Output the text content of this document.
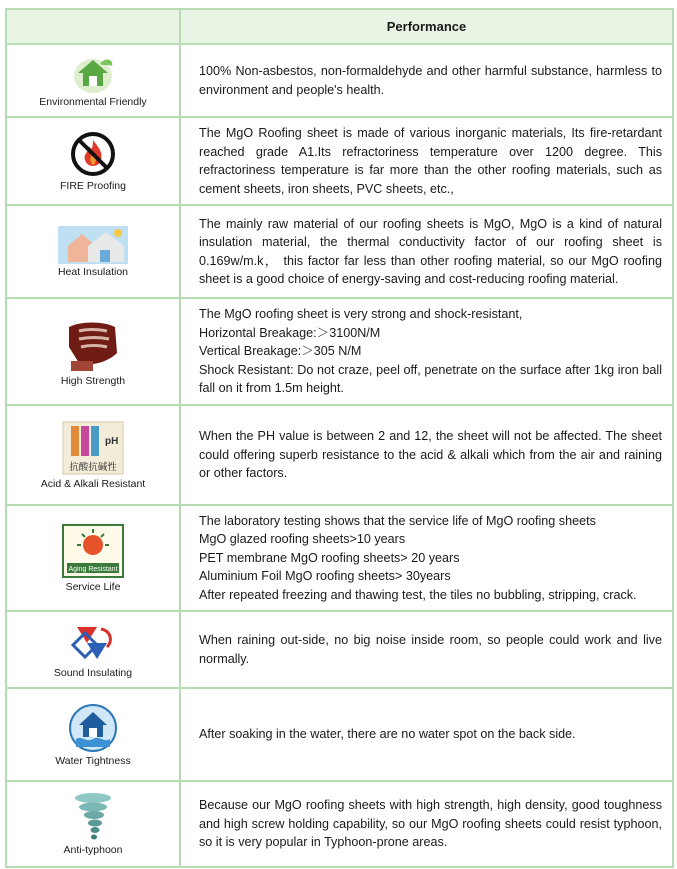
	Performance

Environmental Friendly	100% Non-asbestos, non-formaldehyde and other harmful substance, harmless to environment and people's health.

FIRE Proofing	The MgO Roofing sheet is made of various inorganic materials, Its fire-retardant reached grade A1.Its refractoriness temperature over 1200 degree. This refractoriness temperature is far more than the other roofing materials, such as cement sheets, iron sheets, PVC sheets, etc.,

Heat Insulation	The mainly raw material of our roofing sheets is MgO, MgO is a kind of natural insulation material, the thermal conductivity factor of our roofing sheet is 0.169w/m.k， this factor far less than other roofing material, so our MgO roofing sheet is a good choice of energy-saving and cost-reducing roofing material.

High Strength	The MgO roofing sheet is very strong and shock-resistant,
Horizontal Breakage:＞3100N/M
Vertical Breakage:＞305 N/M
Shock Resistant: Do not craze, peel off, penetrate on the surface after 1kg iron ball fall on it from 1.5m height.

pH
抗酸抗碱性
Acid & Alkali Resistant	When the PH value is between 2 and 12, the sheet will not be affected. The sheet could offering superb resistance to the acid & alkali which from the air and raining or other factors.

Aging Resistant
Service Life	The laboratory testing shows that the service life of MgO roofing sheets
MgO glazed roofing sheets>10 years
PET membrane MgO roofing sheets> 20 years
Aluminium Foil MgO roofing sheets> 30years
After repeated freezing and thawing test, the tiles no bubbling, stripping, crack.

Sound Insulating	When raining out-side, no big noise inside room, so people could work and live normally.

Water Tightness	After soaking in the water, there are no water spot on the back side.

Anti-typhoon	Because our MgO roofing sheets with high strength, high density, good toughness and high screw holding capability, so our MgO roofing sheets could resist typhoon, so it is very popular in Typhoon-prone areas.
